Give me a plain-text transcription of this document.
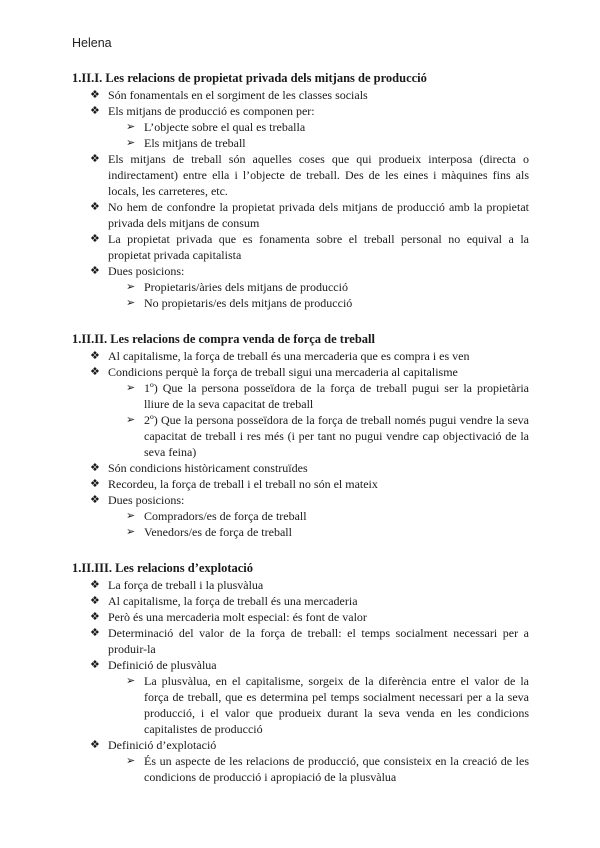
Helena
1.II.I. Les relacions de propietat privada dels mitjans de producció
❖ Són fonamentals en el sorgiment de les classes socials
❖ Els mitjans de producció es componen per:
➢ L’objecte sobre el qual es treballa
➢ Els mitjans de treball
❖ Els mitjans de treball són aquelles coses que qui produeix interposa (directa o indirectament) entre ella i l’objecte de treball. Des de les eines i màquines fins als locals, les carreteres, etc.
❖ No hem de confondre la propietat privada dels mitjans de producció amb la propietat privada dels mitjans de consum
❖ La propietat privada que es fonamenta sobre el treball personal no equival a la propietat privada capitalista
❖ Dues posicions:
➢ Propietaris/àries dels mitjans de producció
➢ No propietaris/es dels mitjans de producció
1.II.II. Les relacions de compra venda de força de treball
❖ Al capitalisme, la força de treball és una mercaderia que es compra i es ven
❖ Condicions perquè la força de treball sigui una mercaderia al capitalisme
➢ 1º) Que la persona posseïdora de la força de treball pugui ser la propietària lliure de la seva capacitat de treball
➢ 2º) Que la persona posseïdora de la força de treball només pugui vendre la seva capacitat de treball i res més (i per tant no pugui vendre cap objectivació de la seva feina)
❖ Són condicions històricament construïdes
❖ Recordeu, la força de treball i el treball no són el mateix
❖ Dues posicions:
➢ Compradors/es de força de treball
➢ Venedors/es de força de treball
1.II.III. Les relacions d’explotació
❖ La força de treball i la plusvàlua
❖ Al capitalisme, la força de treball és una mercaderia
❖ Però és una mercaderia molt especial: és font de valor
❖ Determinació del valor de la força de treball: el temps socialment necessari per a produir-la
❖ Definició de plusvàlua
➢ La plusvàlua, en el capitalisme, sorgeix de la diferència entre el valor de la força de treball, que es determina pel temps socialment necessari per a la seva producció, i el valor que produeix durant la seva venda en les condicions capitalistes de producció
❖ Definició d’explotació
➢ És un aspecte de les relacions de producció, que consisteix en la creació de les condicions de producció i apropiació de la plusvàlua
